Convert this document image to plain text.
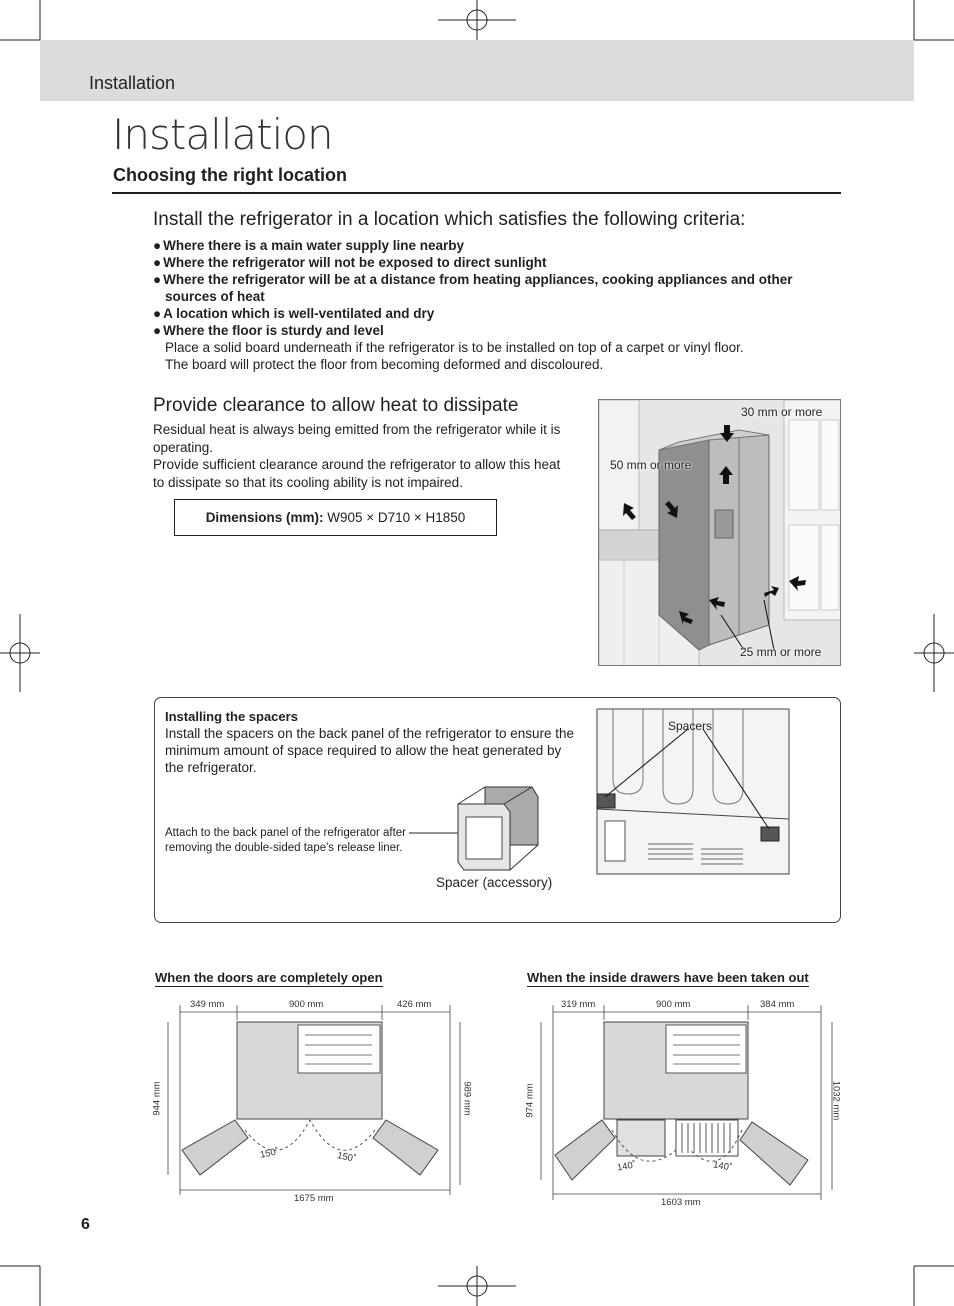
Installation
Installation
Choosing the right location
Install the refrigerator in a location which satisfies the following criteria:
● Where there is a main water supply line nearby
● Where the refrigerator will not be exposed to direct sunlight
● Where the refrigerator will be at a distance from heating appliances, cooking appliances and other sources of heat
● A location which is well-ventilated and dry
● Where the floor is sturdy and level
Place a solid board underneath if the refrigerator is to be installed on top of a carpet or vinyl floor.
The board will protect the floor from becoming deformed and discoloured.
Provide clearance to allow heat to dissipate
Residual heat is always being emitted from the refrigerator while it is operating.
Provide sufficient clearance around the refrigerator to allow this heat to dissipate so that its cooling ability is not impaired.
Dimensions (mm): W905 × D710 × H1850
30 mm or more
50 mm or more
25 mm or more
Installing the spacers
Install the spacers on the back panel of the refrigerator to ensure the minimum amount of space required to allow the heat generated by the refrigerator.
Attach to the back panel of the refrigerator after removing the double-sided tape's release liner.
Spacer (accessory)
Spacers
When the doors are completely open
349 mm	900 mm	426 mm
944 mm	989 mm
1675 mm
150˚	150˚
When the inside drawers have been taken out
319 mm	900 mm	384 mm
974 mm	1032 mm
1603 mm
140˚	140˚
6
